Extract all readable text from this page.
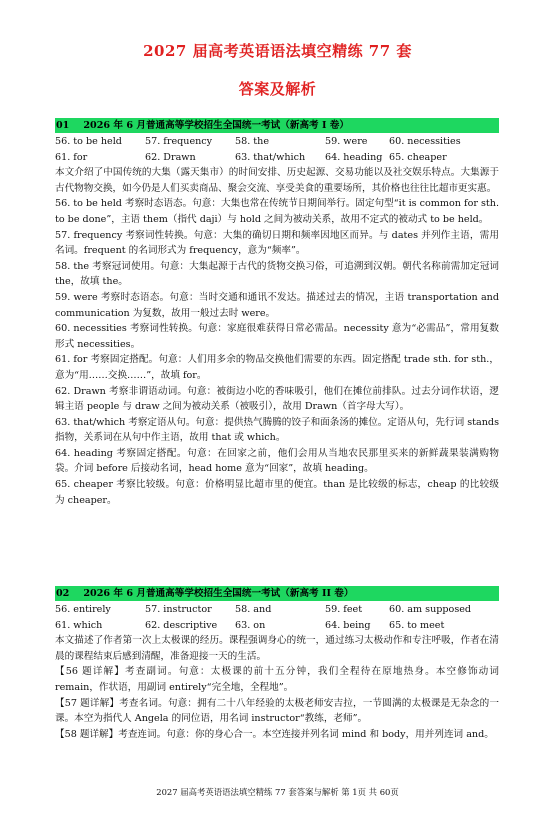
2027 届高考英语语法填空精练 77 套
答案及解析
01 2026 年 6 月普通高等学校招生全国统一考试（新高考 I 卷）
56. to be held	57. frequency	58. the	59. were	60. necessities
61. for	62. Drawn	63. that/which	64. heading 65. cheaper

本文介绍了中国传统的大集（露天集市）的时间安排、历史起源、交易功能以及社交娱乐特点。大集源于古代物物交换，如今仍是人们买卖商品、聚会交流、享受美食的重要场所，其价格也往往比超市更实惠。

56. to be held 考察时态语态。句意：大集也常在传统节日期间举行。固定句型“it is common for sth. to be done”，主语 them（指代 daji）与 hold 之间为被动关系，故用不定式的被动式 to be held。

57. frequency 考察词性转换。句意：大集的确切日期和频率因地区而异。与 dates 并列作主语，需用名词。frequent 的名词形式为 frequency，意为“频率”。

58. the 考察冠词使用。句意：大集起源于古代的货物交换习俗，可追溯到汉朝。朝代名称前需加定冠词 the，故填 the。

59. were 考察时态语态。句意：当时交通和通讯不发达。描述过去的情况，主语 transportation and communication 为复数，故用一般过去时 were。

60. necessities 考察词性转换。句意：家庭很难获得日常必需品。necessity 意为“必需品”，常用复数形式 necessities。

61. for 考察固定搭配。句意：人们用多余的物品交换他们需要的东西。固定搭配 trade sth. for sth.，意为“用……交换……”，故填 for。

62. Drawn 考察非谓语动词。句意：被街边小吃的香味吸引，他们在摊位前排队。过去分词作状语，逻辑主语 people 与 draw 之间为被动关系（被吸引），故用 Drawn（首字母大写）。

63. that/which 考察定语从句。句意：提供热气腾腾的饺子和面条汤的摊位。定语从句，先行词 stands 指物，关系词在从句中作主语，故用 that 或 which。

64. heading 考察固定搭配。句意：在回家之前，他们会用从当地农民那里买来的新鲜蔬果装满购物袋。介词 before 后接动名词，head home 意为“回家”，故填 heading。

65. cheaper 考察比较级。句意：价格明显比超市里的便宜。than 是比较级的标志，cheap 的比较级为 cheaper。

02 2026 年 6 月普通高等学校招生全国统一考试（新高考 II 卷）
56. entirely	57. instructor	58. and	59. feet	60. am supposed
61. which	62. descriptive	63. on	64. being	65. to meet

本文描述了作者第一次上太极课的经历。课程强调身心的统一，通过练习太极动作和专注呼吸，作者在清晨的课程结束后感到清醒，准备迎接一天的生活。

【56 题详解】考查副词。句意：太极课的前十五分钟，我们全程待在原地热身。本空修饰动词 remain，作状语，用副词 entirely“完全地，全程地”。

【57 题详解】考查名词。句意：拥有二十八年经验的太极老师安吉拉，一节圆满的太极课是无杂念的一课。本空为指代人 Angela 的同位语，用名词 instructor“教练，老师”。

【58 题详解】考查连词。句意：你的身心合一。本空连接并列名词 mind 和 body，用并列连词 and。

2027 届高考英语语法填空精练 77 套答案与解析 第 1页 共 60页
